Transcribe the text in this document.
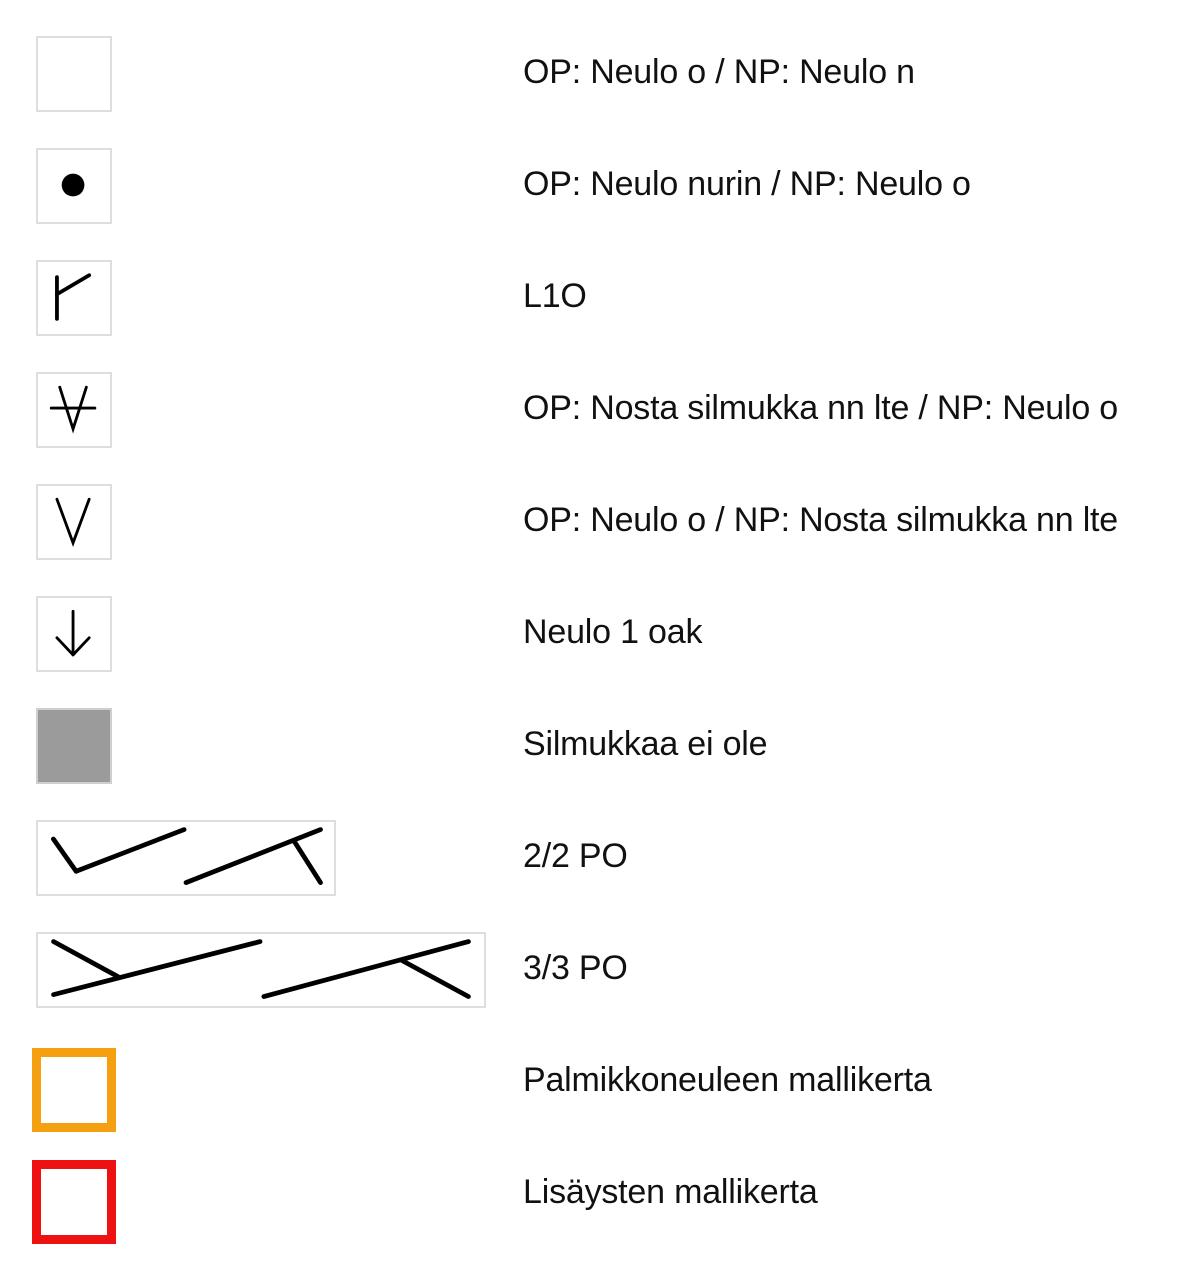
OP: Neulo o / NP: Neulo n
OP: Neulo nurin / NP: Neulo o
L1O
OP: Nosta silmukka nn lte / NP: Neulo o
OP: Neulo o / NP: Nosta silmukka nn lte
Neulo 1 oak
Silmukkaa ei ole
2/2 PO
3/3 PO
Palmikkoneuleen mallikerta
Lisäysten mallikerta
